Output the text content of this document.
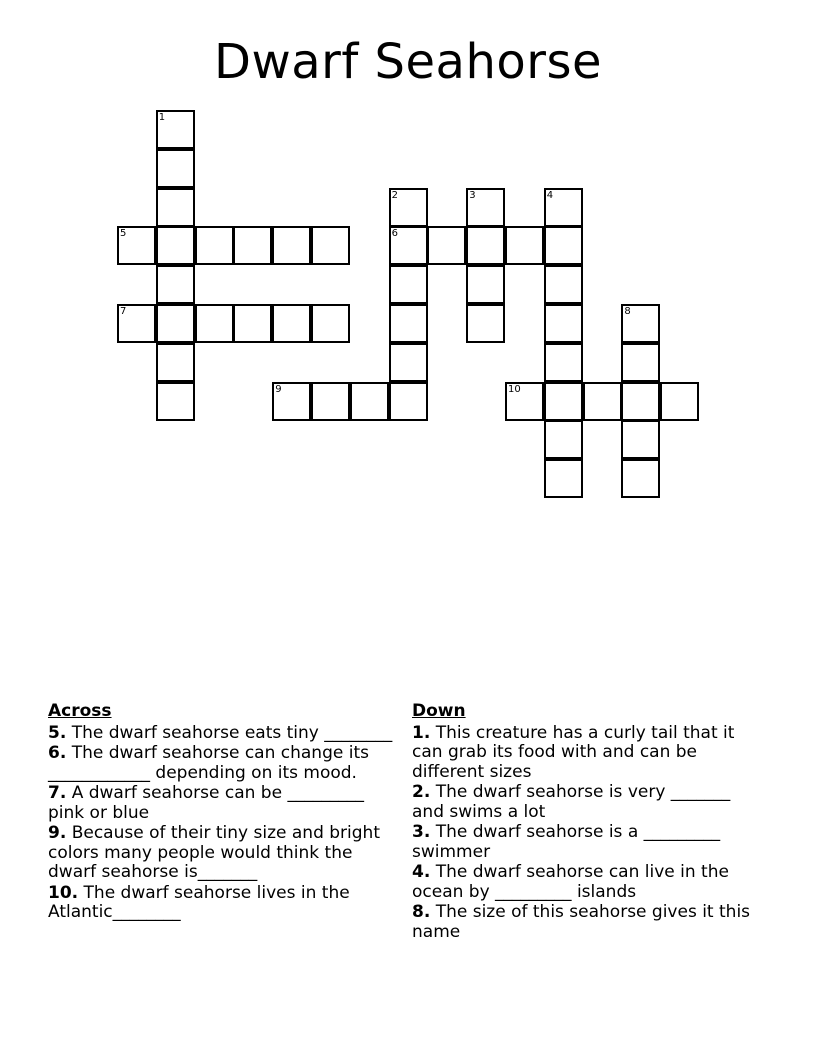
Dwarf Seahorse
1
2
6
3	4
5
7	8
9	10
Across
5. The dwarf seahorse eats tiny ________
6. The dwarf seahorse can change its ____________ depending on its mood.
7. A dwarf seahorse can be _________ pink or blue
9. Because of their tiny size and bright colors many people would think the dwarf seahorse is_______
10. The dwarf seahorse lives in the Atlantic________
Down
1. This creature has a curly tail that it can grab its food with and can be different sizes
2. The dwarf seahorse is very _______ and swims a lot
3. The dwarf seahorse is a _________ swimmer
4. The dwarf seahorse can live in the ocean by _________ islands
8. The size of this seahorse gives it this name
